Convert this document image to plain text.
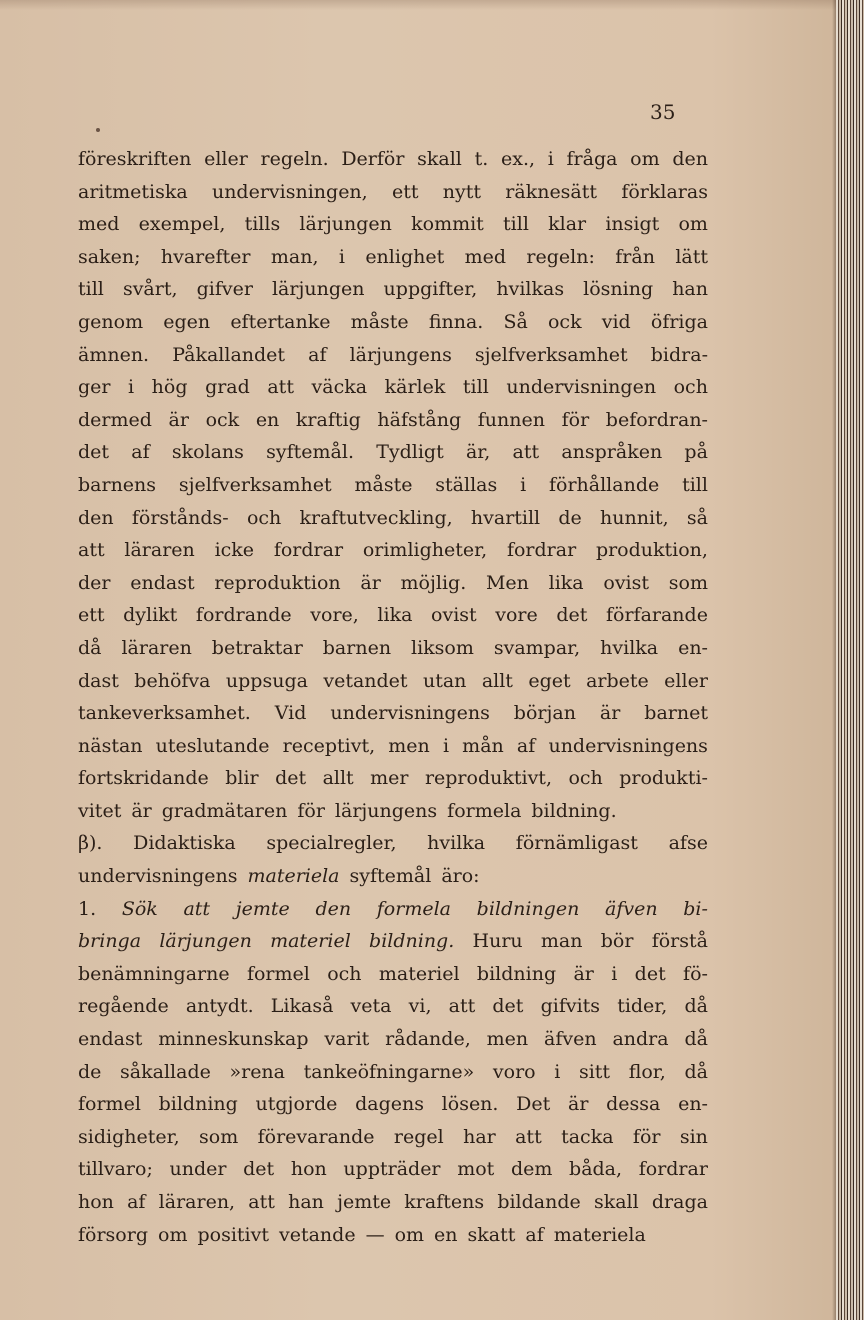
35
föreskriften eller regeln. Derför skall t. ex., i fråga om den
aritmetiska undervisningen, ett nytt räknesätt förklaras
med exempel, tills lärjungen kommit till klar insigt om
saken; hvarefter man, i enlighet med regeln: från lätt
till svårt, gifver lärjungen uppgifter, hvilkas lösning han
genom egen eftertanke måste finna. Så ock vid öfriga
ämnen. Påkallandet af lärjungens sjelfverksamhet bidra-
ger i hög grad att väcka kärlek till undervisningen och
dermed är ock en kraftig häfstång funnen för befordran-
det af skolans syftemål. Tydligt är, att anspråken på
barnens sjelfverksamhet måste ställas i förhållande till
den förstånds- och kraftutveckling, hvartill de hunnit, så
att läraren icke fordrar orimligheter, fordrar produktion,
der endast reproduktion är möjlig. Men lika ovist som
ett dylikt fordrande vore, lika ovist vore det förfarande
då läraren betraktar barnen liksom svampar, hvilka en-
dast behöfva uppsuga vetandet utan allt eget arbete eller
tankeverksamhet. Vid undervisningens början är barnet
nästan uteslutande receptivt, men i mån af undervisningens
fortskridande blir det allt mer reproduktivt, och produkti-
vitet är gradmätaren för lärjungens formela bildning.
β). Didaktiska specialregler, hvilka förnämligast afse
undervisningens materiela syftemål äro:
1. Sök att jemte den formela bildningen äfven bi-
bringa lärjungen materiel bildning. Huru man bör förstå
benämningarne formel och materiel bildning är i det fö-
regående antydt. Likaså veta vi, att det gifvits tider, då
endast minneskunskap varit rådande, men äfven andra då
de såkallade »rena tankeöfningarne» voro i sitt flor, då
formel bildning utgjorde dagens lösen. Det är dessa en-
sidigheter, som förevarande regel har att tacka för sin
tillvaro; under det hon uppträder mot dem båda, fordrar
hon af läraren, att han jemte kraftens bildande skall draga
försorg om positivt vetande — om en skatt af materiela
